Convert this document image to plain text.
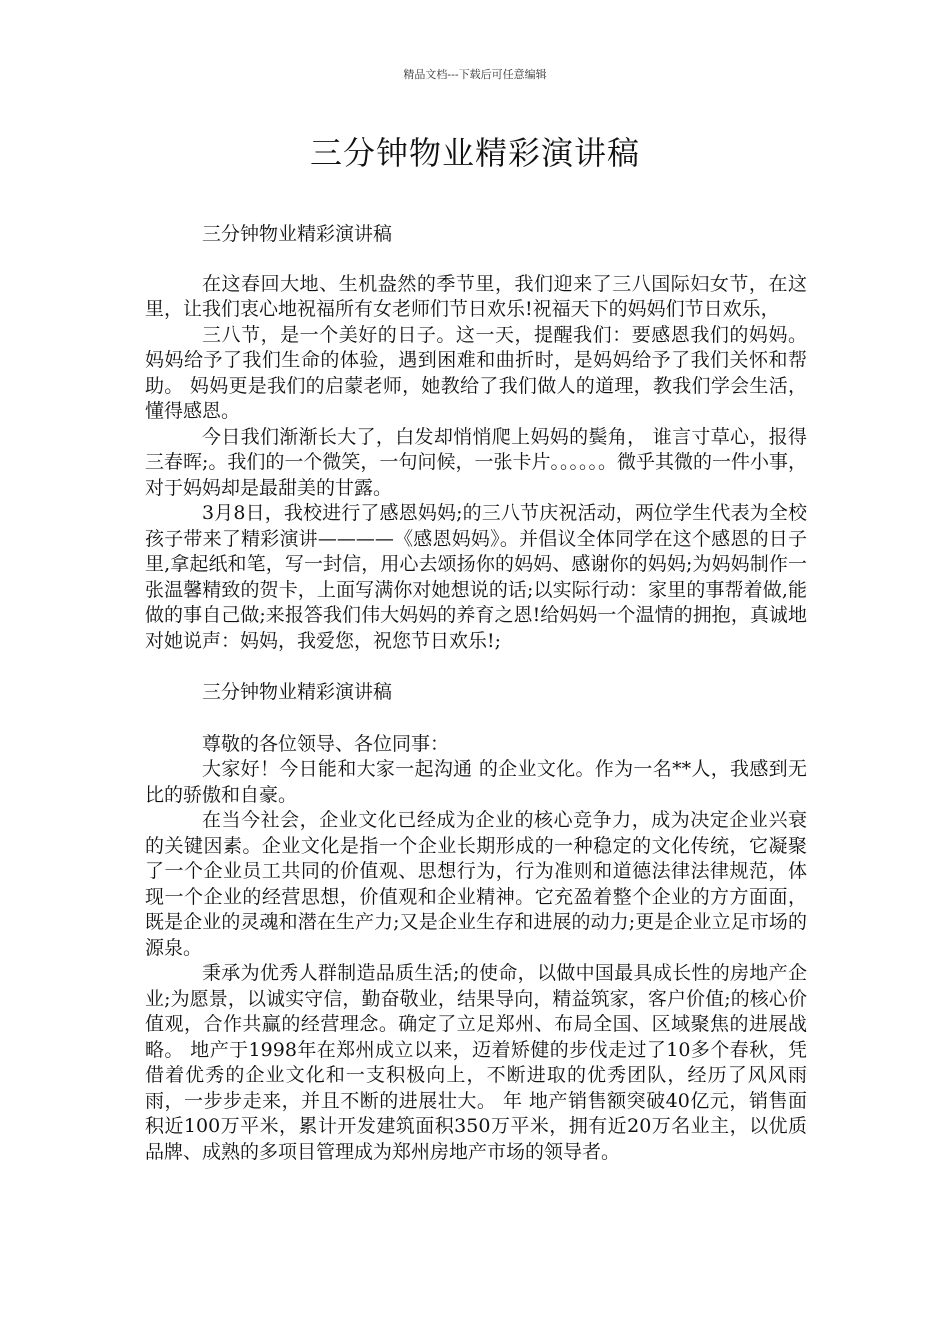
精品文档---下载后可任意编辑
三分钟物业精彩演讲稿

三分钟物业精彩演讲稿

在这春回大地、生机盎然的季节里，我们迎来了三八国际妇女节，在这里，让我们衷心地祝福所有女老师们节日欢乐!祝福天下的妈妈们节日欢乐，

三八节，是一个美好的日子。这一天，提醒我们：要感恩我们的妈妈。妈妈给予了我们生命的体验，遇到困难和曲折时，是妈妈给予了我们关怀和帮助。 妈妈更是我们的启蒙老师，她教给了我们做人的道理，教我们学会生活，懂得感恩。

今日我们渐渐长大了，白发却悄悄爬上妈妈的鬓角， 谁言寸草心，报得三春晖;。我们的一个微笑，一句问候，一张卡片。。。。。。微乎其微的一件小事，对于妈妈却是最甜美的甘露。

3月8日，我校进行了感恩妈妈;的三八节庆祝活动，两位学生代表为全校孩子带来了精彩演讲————《感恩妈妈》。并倡议全体同学在这个感恩的日子里,拿起纸和笔，写一封信，用心去颂扬你的妈妈、感谢你的妈妈;为妈妈制作一张温馨精致的贺卡，上面写满你对她想说的话;以实际行动：家里的事帮着做,能做的事自己做;来报答我们伟大妈妈的养育之恩!给妈妈一个温情的拥抱，真诚地对她说声：妈妈，我爱您，祝您节日欢乐!;

三分钟物业精彩演讲稿

尊敬的各位领导、各位同事：

大家好！今日能和大家一起沟通 的企业文化。作为一名**人，我感到无比的骄傲和自豪。

在当今社会，企业文化已经成为企业的核心竞争力，成为决定企业兴衰的关键因素。企业文化是指一个企业长期形成的一种稳定的文化传统，它凝聚了一个企业员工共同的价值观、思想行为，行为准则和道德法律法律规范，体现一个企业的经营思想，价值观和企业精神。它充盈着整个企业的方方面面，既是企业的灵魂和潜在生产力;又是企业生存和进展的动力;更是企业立足市场的源泉。

秉承为优秀人群制造品质生活;的使命，以做中国最具成长性的房地产企业;为愿景，以诚实守信，勤奋敬业，结果导向，精益筑家，客户价值;的核心价值观，合作共赢的经营理念。确定了立足郑州、布局全国、区域聚焦的进展战略。 地产于1998年在郑州成立以来，迈着矫健的步伐走过了10多个春秋，凭借着优秀的企业文化和一支积极向上，不断进取的优秀团队，经历了风风雨雨，一步步走来，并且不断的进展壮大。 年 地产销售额突破40亿元，销售面积近100万平米，累计开发建筑面积350万平米，拥有近20万名业主，以优质品牌、成熟的多项目管理成为郑州房地产市场的领导者。
